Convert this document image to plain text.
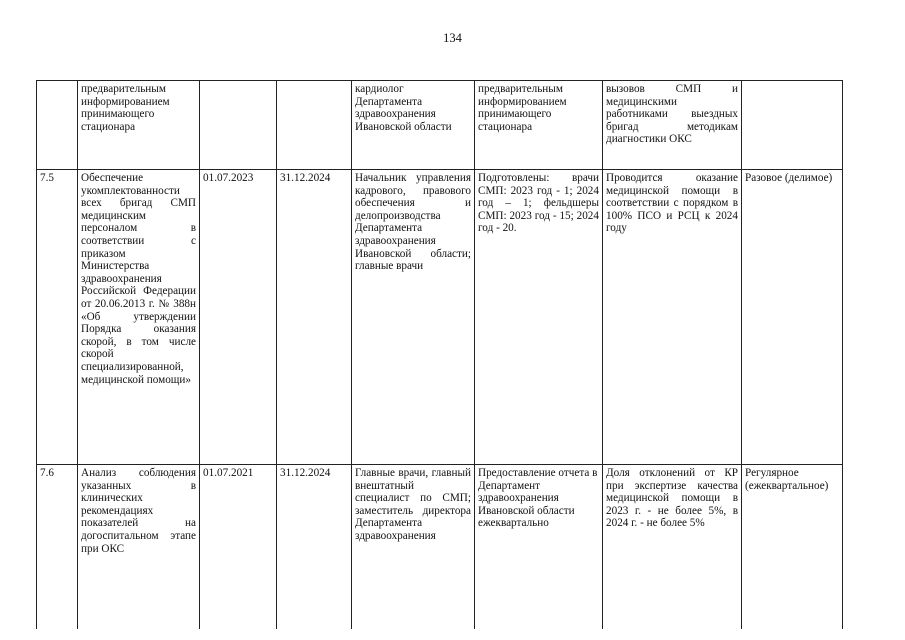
134
	предварительным информированием принимающего стационара			кардиолог Департамента здравоохранения Ивановской области	предварительным информированием принимающего стационара	вызовов СМП и медицинскими работниками выездных бригад методикам диагностики ОКС	
7.5	Обеспечение укомплектованности всех бригад СМП медицинским персоналом в соответствии с приказом Министерства здравоохранения Российской Федерации от 20.06.2013 г. № 388н «Об утверждении Порядка оказания скорой, в том числе скорой специализированной, медицинской помощи»	01.07.2023	31.12.2024	Начальник управления кадрового, правового обеспечения и делопроизводства Департамента здравоохранения Ивановской области; главные врачи	Подготовлены: врачи СМП: 2023 год - 1; 2024 год – 1; фельдшеры СМП: 2023 год - 15; 2024 год - 20.	Проводится оказание медицинской помощи в соответствии с порядком в 100% ПСО и РСЦ к 2024 году	Разовое (делимое)
7.6	Анализ соблюдения указанных в клинических рекомендациях показателей на догоспитальном этапе при ОКС	01.07.2021	31.12.2024	Главные врачи, главный внештатный специалист по СМП; заместитель директора Департамента здравоохранения	Предоставление отчета в Департамент здравоохранения Ивановской области ежеквартально	Доля отклонений от КР при экспертизе качества медицинской помощи в 2023 г. - не более 5%, в 2024 г. - не более 5%	Регулярное (ежеквартальное)
